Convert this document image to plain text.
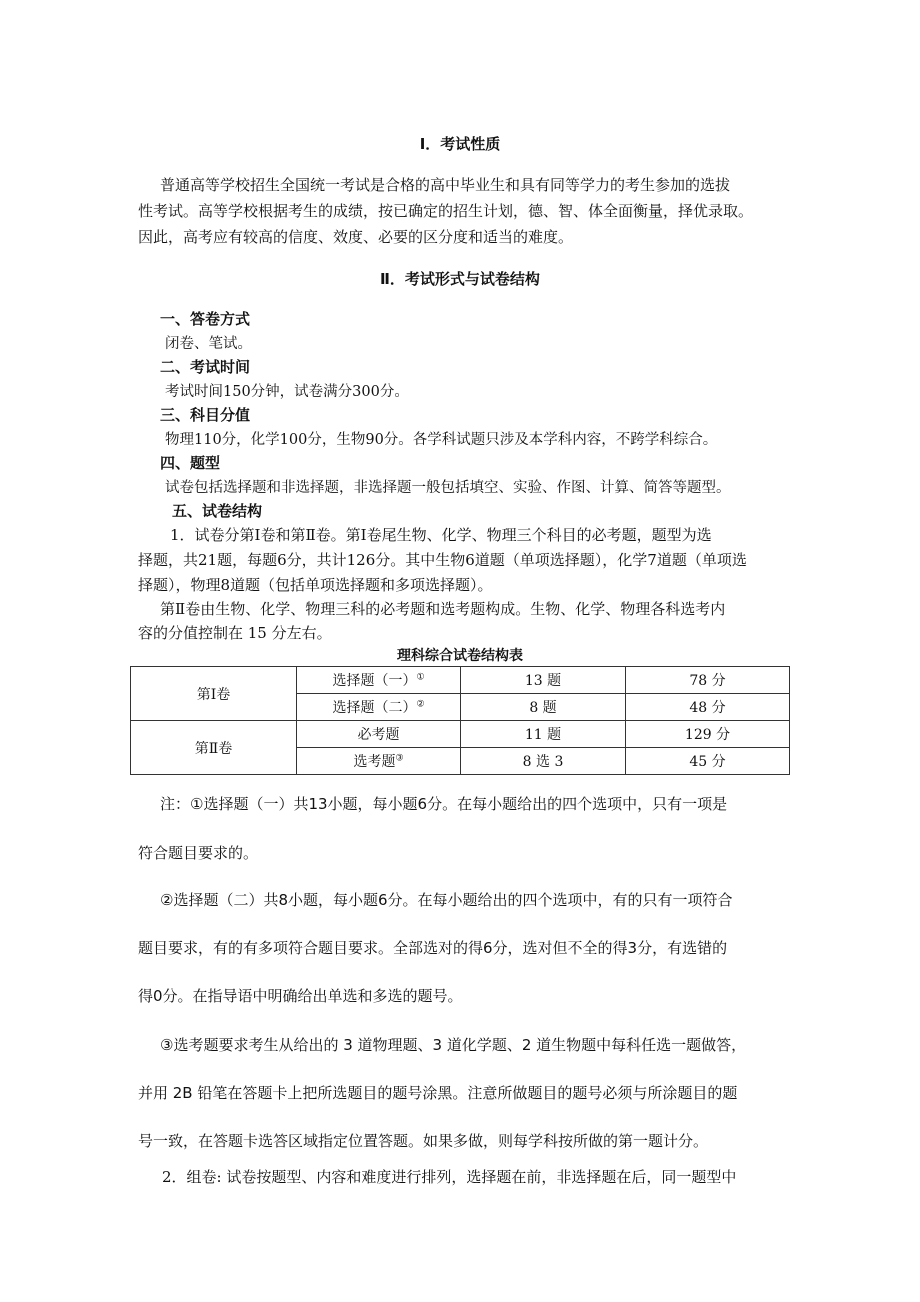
Ⅰ．考试性质
普通高等学校招生全国统一考试是合格的高中毕业生和具有同等学力的考生参加的选拔
性考试。高等学校根据考生的成绩，按已确定的招生计划，德、智、体全面衡量，择优录取。
因此，高考应有较高的信度、效度、必要的区分度和适当的难度。
Ⅱ．考试形式与试卷结构
一、答卷方式
闭卷、笔试。
二、考试时间
考试时间150分钟，试卷满分300分。
三、科目分值
物理110分，化学100分，生物90分。各学科试题只涉及本学科内容，不跨学科综合。
四、题型
试卷包括选择题和非选择题，非选择题一般包括填空、实验、作图、计算、简答等题型。
五、试卷结构
1．试卷分第Ⅰ卷和第Ⅱ卷。第Ⅰ卷尾生物、化学、物理三个科目的必考题，题型为选
择题，共21题，每题6分，共计126分。其中生物6道题（单项选择题），化学7道题（单项选
择题），物理8道题（包括单项选择题和多项选择题）。
第Ⅱ卷由生物、化学、物理三科的必考题和选考题构成。生物、化学、物理各科选考内
容的分值控制在 15 分左右。
理科综合试卷结构表
第Ⅰ卷	选择题（一）①	13 题	78 分
	选择题（二）②	8 题	48 分
第Ⅱ卷	必考题	11 题	129 分
	选考题③	8 选 3	45 分
注：①选择题（一）共13小题，每小题6分。在每小题给出的四个选项中，只有一项是
符合题目要求的。
②选择题（二）共8小题，每小题6分。在每小题给出的四个选项中，有的只有一项符合
题目要求，有的有多项符合题目要求。全部选对的得6分，选对但不全的得3分，有选错的
得0分。在指导语中明确给出单选和多选的题号。
③选考题要求考生从给出的 3 道物理题、3 道化学题、2 道生物题中每科任选一题做答，
并用 2B 铅笔在答题卡上把所选题目的题号涂黑。注意所做题目的题号必须与所涂题目的题
号一致，在答题卡选答区域指定位置答题。如果多做，则每学科按所做的第一题计分。
2．组卷: 试卷按题型、内容和难度进行排列，选择题在前，非选择题在后，同一题型中
